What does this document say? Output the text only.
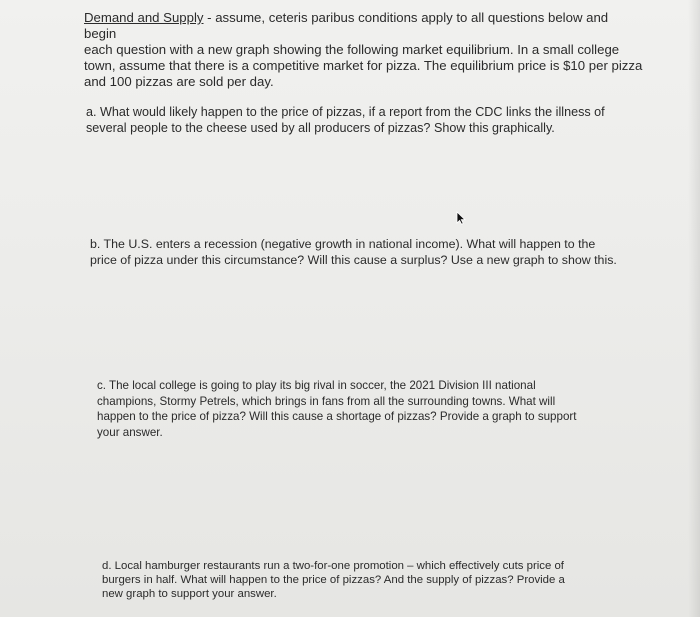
Demand and Supply - assume, ceteris paribus conditions apply to all questions below and begin

each question with a new graph showing the following market equilibrium. In a small college

town, assume that there is a competitive market for pizza. The equilibrium price is $10 per pizza

and 100 pizzas are sold per day.

a. What would likely happen to the price of pizzas, if a report from the CDC links the illness of

several people to the cheese used by all producers of pizzas? Show this graphically.

b. The U.S. enters a recession (negative growth in national income). What will happen to the

price of pizza under this circumstance? Will this cause a surplus? Use a new graph to show this.

c. The local college is going to play its big rival in soccer, the 2021 Division III national

champions, Stormy Petrels, which brings in fans from all the surrounding towns. What will

happen to the price of pizza? Will this cause a shortage of pizzas? Provide a graph to support

your answer.

d. Local hamburger restaurants run a two-for-one promotion – which effectively cuts price of

burgers in half. What will happen to the price of pizzas? And the supply of pizzas? Provide a

new graph to support your answer.
